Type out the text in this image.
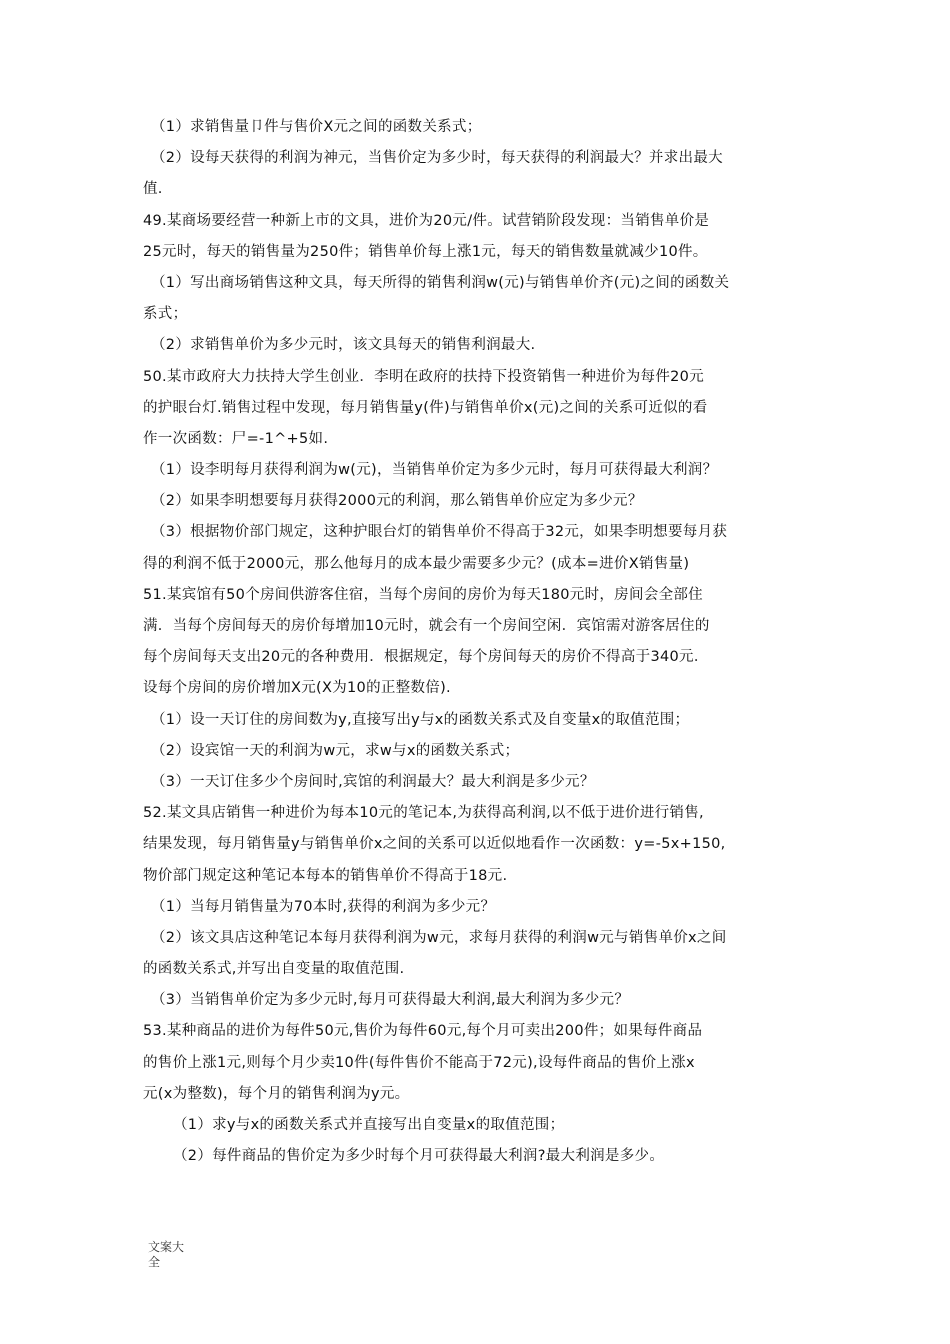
（1）求销售量卩件与售价X元之间的函数关系式；
（2）设每天获得的利润为神元，当售价定为多少时，每天获得的利润最大？并求出最大
值.
49.某商场要经营一种新上市的文具，进价为20元/件。试营销阶段发现：当销售单价是
25元时，每天的销售量为250件；销售单价每上涨1元，每天的销售数量就减少10件。
（1）写出商场销售这种文具，每天所得的销售利润w(元)与销售单价齐(元)之间的函数关
系式；
（2）求销售单价为多少元时，该文具每天的销售利润最大.
50.某市政府大力扶持大学生创业．李明在政府的扶持下投资销售一种进价为每件20元
的护眼台灯.销售过程中发现，每月销售量y(件)与销售单价x(元)之间的关系可近似的看
作一次函数：尸=-1^+5如.
（1）设李明每月获得利润为w(元)，当销售单价定为多少元时，每月可获得最大利润？
（2）如果李明想要每月获得2000元的利润，那么销售单价应定为多少元？
（3）根据物价部门规定，这种护眼台灯的销售单价不得高于32元，如果李明想要每月获
得的利润不低于2000元，那么他每月的成本最少需要多少元？(成本=进价X销售量)
51.某宾馆有50个房间供游客住宿，当每个房间的房价为每天180元时，房间会全部住
满．当每个房间每天的房价每增加10元时，就会有一个房间空闲．宾馆需对游客居住的
每个房间每天支出20元的各种费用．根据规定，每个房间每天的房价不得高于340元．
设每个房间的房价增加X元(X为10的正整数倍).
（1）设一天订住的房间数为y,直接写出y与x的函数关系式及自变量x的取值范围；
（2）设宾馆一天的利润为w元，求w与x的函数关系式；
（3）一天订住多少个房间时,宾馆的利润最大？最大利润是多少元？
52.某文具店销售一种进价为每本10元的笔记本,为获得高利润,以不低于进价进行销售,
结果发现，每月销售量y与销售单价x之间的关系可以近似地看作一次函数：y=-5x+150,
物价部门规定这种笔记本每本的销售单价不得高于18元.
（1）当每月销售量为70本时,获得的利润为多少元？
（2）该文具店这种笔记本每月获得利润为w元，求每月获得的利润w元与销售单价x之间
的函数关系式,并写出自变量的取值范围.
（3）当销售单价定为多少元时,每月可获得最大利润,最大利润为多少元？
53.某种商品的进价为每件50元,售价为每件60元,每个月可卖出200件；如果每件商品
的售价上涨1元,则每个月少卖10件(每件售价不能高于72元),设每件商品的售价上涨x
元(x为整数)，每个月的销售利润为y元。
（1）求y与x的函数关系式并直接写出自变量x的取值范围；
（2）每件商品的售价定为多少时每个月可获得最大利润?最大利润是多少。
文案大
全
